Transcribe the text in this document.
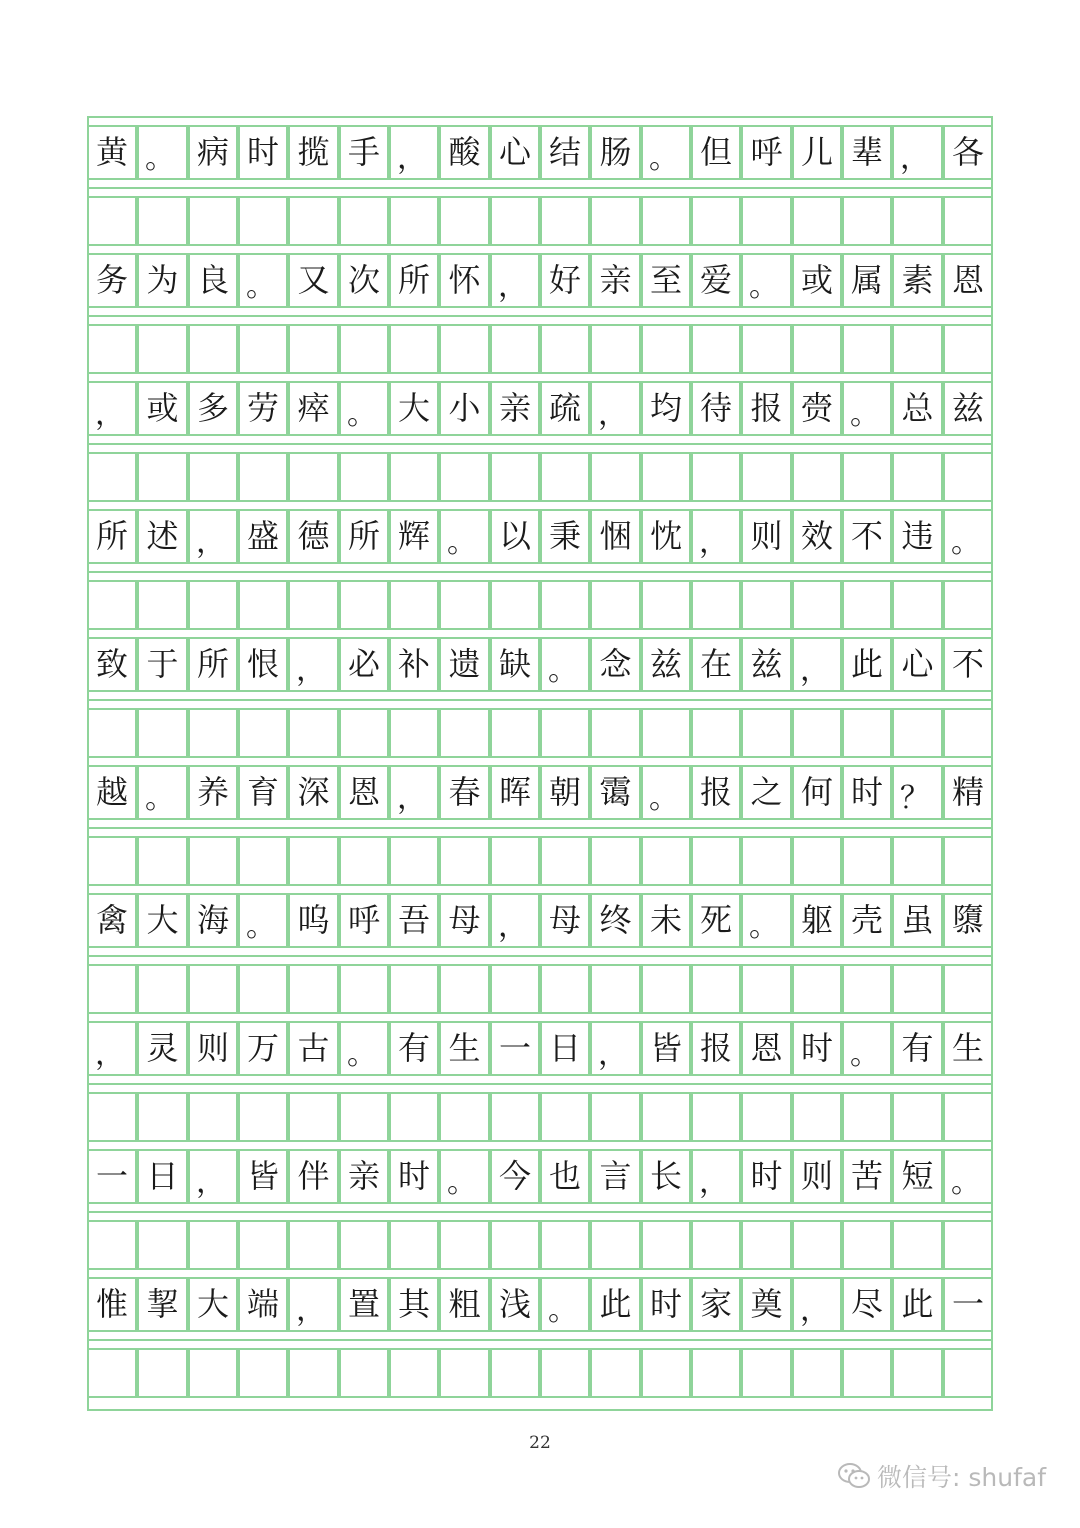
黄 。 病 时 揽 手 ， 酸 心 结 肠 。 但 呼 儿 辈 ， 各
务 为 良 。 又 次 所 怀 ， 好 亲 至 爱 。 或 属 素 恩
， 或 多 劳 瘁 。 大 小 亲 疏 ， 均 待 报 赍 。 总 兹
所 述 ， 盛 德 所 辉 。 以 秉 悃 忱 ， 则 效 不 违 。
致 于 所 恨 ， 必 补 遗 缺 。 念 兹 在 兹 ， 此 心 不
越 。 养 育 深 恩 ， 春 晖 朝 霭 。 报 之 何 时 ？ 精
禽 大 海 。 呜 呼 吾 母 ， 母 终 未 死 。 躯 壳 虽 隳
， 灵 则 万 古 。 有 生 一 日 ， 皆 报 恩 时 。 有 生
一 日 ， 皆 伴 亲 时 。 今 也 言 长 ， 时 则 苦 短 。
惟 挈 大 端 ， 置 其 粗 浅 。 此 时 家 奠 ， 尽 此 一
22
微信号: shufaf
